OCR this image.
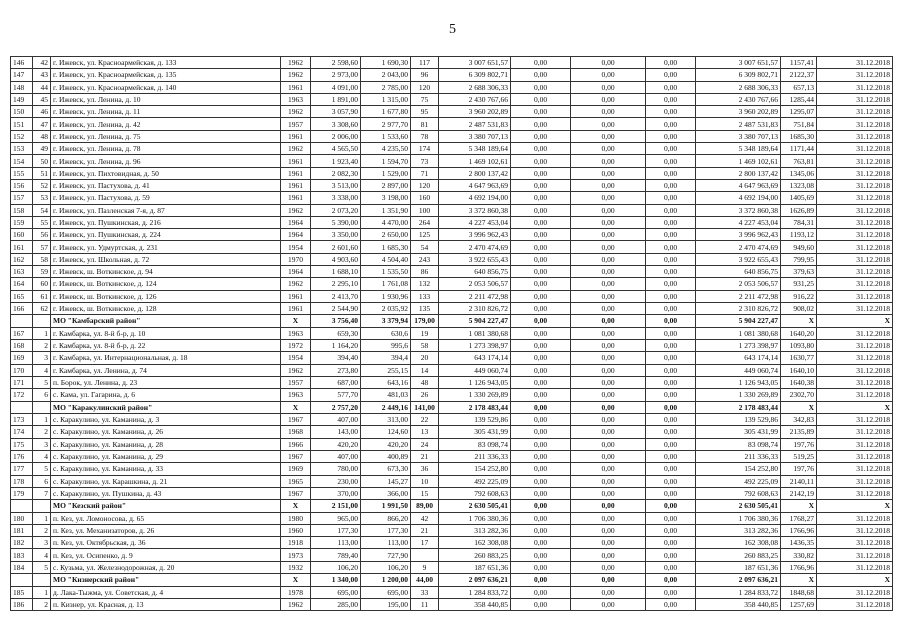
5
146	42	г. Ижевск, ул. Красноармейская, д. 133	1962	2 598,60	1 690,30	117	3 007 651,57	0,00	0,00	0,00	3 007 651,57	1157,41	31.12.2018
147	43	г. Ижевск, ул. Красноармейская, д. 135	1962	2 973,00	2 043,00	96	6 309 802,71	0,00	0,00	0,00	6 309 802,71	2122,37	31.12.2018
148	44	г. Ижевск, ул. Красноармейская, д. 140	1961	4 091,00	2 785,00	120	2 688 306,33	0,00	0,00	0,00	2 688 306,33	657,13	31.12.2018
149	45	г. Ижевск, ул. Ленина, д. 10	1963	1 891,00	1 315,00	75	2 430 767,66	0,00	0,00	0,00	2 430 767,66	1285,44	31.12.2018
150	46	г. Ижевск, ул. Ленина, д. 11	1962	3 057,90	1 677,80	95	3 960 202,89	0,00	0,00	0,00	3 960 202,89	1295,07	31.12.2018
151	47	г. Ижевск, ул. Ленина, д. 42	1957	3 308,60	2 977,70	81	2 487 531,83	0,00	0,00	0,00	2 487 531,83	751,84	31.12.2018
152	48	г. Ижевск, ул. Ленина, д. 75	1961	2 006,00	1 533,60	78	3 380 707,13	0,00	0,00	0,00	3 380 707,13	1685,30	31.12.2018
153	49	г. Ижевск, ул. Ленина, д. 78	1962	4 565,50	4 235,50	174	5 348 189,64	0,00	0,00	0,00	5 348 189,64	1171,44	31.12.2018
154	50	г. Ижевск, ул. Ленина, д. 96	1961	1 923,40	1 594,70	73	1 469 102,61	0,00	0,00	0,00	1 469 102,61	763,81	31.12.2018
155	51	г. Ижевск, ул. Пихтовидная, д. 50	1961	2 082,30	1 529,00	71	2 800 137,42	0,00	0,00	0,00	2 800 137,42	1345,06	31.12.2018
156	52	г. Ижевск, ул. Пастухова, д. 41	1961	3 513,00	2 897,00	120	4 647 963,69	0,00	0,00	0,00	4 647 963,69	1323,08	31.12.2018
157	53	г. Ижевск, ул. Пастухова, д. 59	1961	3 338,00	3 198,00	160	4 692 194,00	0,00	0,00	0,00	4 692 194,00	1405,69	31.12.2018
158	54	г. Ижевск, ул. Пазленская 7-я, д. 87	1962	2 073,20	1 351,90	100	3 372 860,38	0,00	0,00	0,00	3 372 860,38	1626,89	31.12.2018
159	55	г. Ижевск, ул. Пушкинская, д. 216	1964	5 390,00	4 470,00	264	4 227 453,04	0,00	0,00	0,00	4 227 453,04	784,31	31.12.2018
160	56	г. Ижевск, ул. Пушкинская, д. 224	1964	3 350,00	2 650,00	125	3 996 962,43	0,00	0,00	0,00	3 996 962,43	1193,12	31.12.2018
161	57	г. Ижевск, ул. Удмуртская, д. 231	1954	2 601,60	1 685,30	54	2 470 474,69	0,00	0,00	0,00	2 470 474,69	949,60	31.12.2018
162	58	г. Ижевск, ул. Школьная, д. 72	1970	4 903,60	4 504,40	243	3 922 655,43	0,00	0,00	0,00	3 922 655,43	799,95	31.12.2018
163	59	г. Ижевск, ш. Воткинское, д. 94	1964	1 688,10	1 535,50	86	640 856,75	0,00	0,00	0,00	640 856,75	379,63	31.12.2018
164	60	г. Ижевск, ш. Воткинское, д. 124	1962	2 295,10	1 761,08	132	2 053 506,57	0,00	0,00	0,00	2 053 506,57	931,25	31.12.2018
165	61	г. Ижевск, ш. Воткинское, д. 126	1961	2 413,70	1 930,96	133	2 211 472,98	0,00	0,00	0,00	2 211 472,98	916,22	31.12.2018
166	62	г. Ижевск, ш. Воткинское, д. 128	1961	2 544,90	2 035,92	135	2 310 826,72	0,00	0,00	0,00	2 310 826,72	908,02	31.12.2018
		МО "Камбарский район"	X	3 756,40	3 379,94	179,00	5 904 227,47	0,00	0,00	0,00	5 904 227,47	X	X
167	1	г. Камбарка, ул. 8-й б-р, д. 10	1963	659,30	630,6	19	1 081 380,68	0,00	0,00	0,00	1 081 380,68	1640,20	31.12.2018
168	2	г. Камбарка, ул. 8-й б-р, д. 22	1972	1 164,20	995,6	58	1 273 398,97	0,00	0,00	0,00	1 273 398,97	1093,80	31.12.2018
169	3	г. Камбарка, ул. Интернациональная, д. 18	1954	394,40	394,4	20	643 174,14	0,00	0,00	0,00	643 174,14	1630,77	31.12.2018
170	4	г. Камбарка, ул. Ленина, д. 74	1962	273,80	255,15	14	449 060,74	0,00	0,00	0,00	449 060,74	1640,10	31.12.2018
171	5	п. Борок, ул. Ленина, д. 23	1957	687,00	643,16	48	1 126 943,05	0,00	0,00	0,00	1 126 943,05	1640,38	31.12.2018
172	6	с. Кама, ул. Гагарина, д. 6	1963	577,70	481,03	26	1 330 269,89	0,00	0,00	0,00	1 330 269,89	2302,70	31.12.2018
		МО "Каракулинский район"	X	2 757,20	2 449,16	141,00	2 178 483,44	0,00	0,00	0,00	2 178 483,44	X	X
173	1	с. Каракулино, ул. Каманина, д. 3	1967	407,00	313,00	22	139 529,86	0,00	0,00	0,00	139 529,86	342,83	31.12.2018
174	2	с. Каракулино, ул. Каманина, д. 26	1968	143,00	124,60	13	305 431,99	0,00	0,00	0,00	305 431,99	2135,89	31.12.2018
175	3	с. Каракулино, ул. Каманина, д. 28	1966	420,20	420,20	24	83 098,74	0,00	0,00	0,00	83 098,74	197,76	31.12.2018
176	4	с. Каракулино, ул. Каманина, д. 29	1967	407,00	400,89	21	211 336,33	0,00	0,00	0,00	211 336,33	519,25	31.12.2018
177	5	с. Каракулино, ул. Каманина, д. 33	1969	780,00	673,30	36	154 252,80	0,00	0,00	0,00	154 252,80	197,76	31.12.2018
178	6	с. Каракулино, ул. Карашкина, д. 21	1965	230,00	145,27	10	492 225,09	0,00	0,00	0,00	492 225,09	2140,11	31.12.2018
179	7	с. Каракулино, ул. Пушкина, д. 43	1967	370,00	366,00	15	792 608,63	0,00	0,00	0,00	792 608,63	2142,19	31.12.2018
		МО "Кезский район"	X	2 151,00	1 991,50	89,00	2 630 505,41	0,00	0,00	0,00	2 630 505,41	X	X
180	1	п. Кез, ул. Ломоносова, д. 65	1980	965,00	866,20	42	1 706 380,36	0,00	0,00	0,00	1 706 380,36	1768,27	31.12.2018
181	2	п. Кез, ул. Механизаторов, д. 26	1960	177,30	177,30	21	313 282,36	0,00	0,00	0,00	313 282,36	1766,96	31.12.2018
182	3	п. Кез, ул. Октябрьская, д. 36	1918	113,00	113,00	17	162 308,08	0,00	0,00	0,00	162 308,08	1436,35	31.12.2018
183	4	п. Кез, ул. Осипенко, д. 9	1973	789,40	727,90		260 883,25	0,00	0,00	0,00	260 883,25	330,82	31.12.2018
184	5	с. Кузьма, ул. Железнодорожная, д. 20	1932	106,20	106,20	9	187 651,36	0,00	0,00	0,00	187 651,36	1766,96	31.12.2018
		МО "Кизнерский район"	X	1 340,00	1 200,00	44,00	2 097 636,21	0,00	0,00	0,00	2 097 636,21	X	X
185	1	д. Лака-Тыжма, ул. Советская, д. 4	1978	695,00	695,00	33	1 284 833,72	0,00	0,00	0,00	1 284 833,72	1848,68	31.12.2018
186	2	п. Кизнер, ул. Красная, д. 13	1962	285,00	195,00	11	358 440,85	0,00	0,00	0,00	358 440,85	1257,69	31.12.2018
